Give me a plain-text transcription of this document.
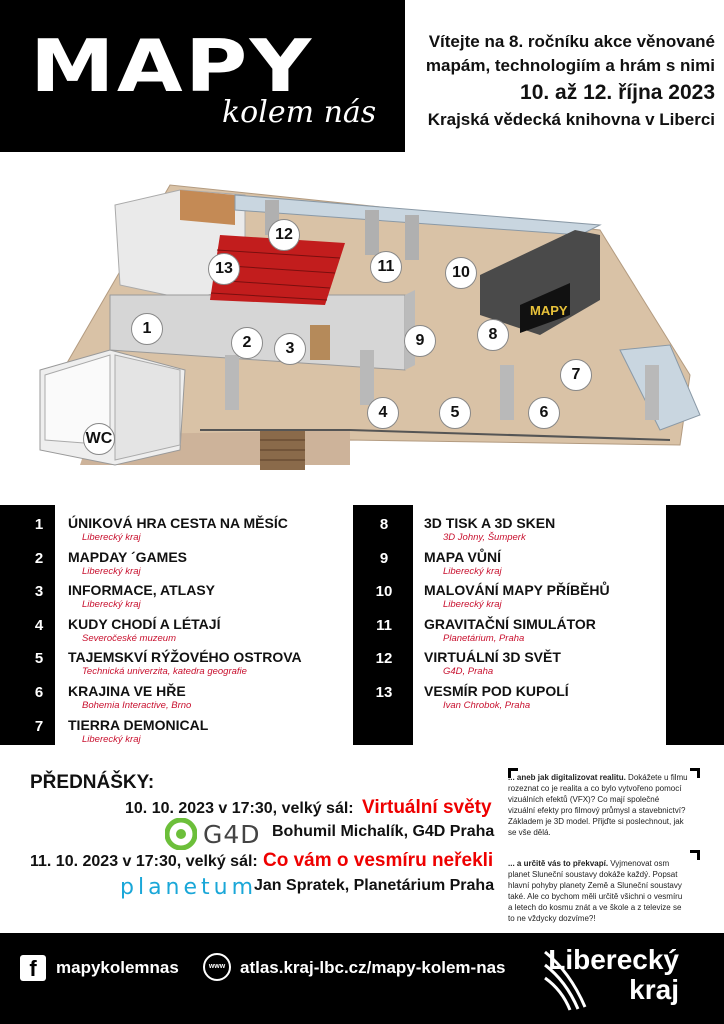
MAPY
kolem nás
Vítejte na 8. ročníku akce věnované
mapám, technologiím a hrám s nimi
10. až 12. října 2023
Krajská vědecká knihovna v Liberci
MAPY
WC
1
2	3
4	5	6
7
8
9
10
11
12
13
1	ÚNIKOVÁ HRA CESTA NA MĚSÍC
Liberecký kraj
2	MAPDAY ´GAMES
Liberecký kraj
3	INFORMACE, ATLASY
Liberecký kraj
4	KUDY CHODÍ A LÉTAJÍ
Severočeské muzeum
5	TAJEMSKVÍ RÝŽOVÉHO OSTROVA
Technická univerzita, katedra geografie
6	KRAJINA VE HŘE
Bohemia Interactive, Brno
7	TIERRA DEMONICAL
Liberecký kraj
8	3D TISK A 3D SKEN
3D Johny, Šumperk
9	MAPA VŮNÍ
Liberecký kraj
10	MALOVÁNÍ MAPY PŘÍBĚHŮ
Liberecký kraj
11	GRAVITAČNÍ SIMULÁTOR
Planetárium, Praha
12	VIRTUÁLNÍ 3D SVĚT
G4D, Praha
13	VESMÍR POD KUPOLÍ
Ivan Chrobok, Praha
PŘEDNÁŠKY:
10. 10. 2023 v 17:30, velký sál: Virtuální světy
G4D Bohumil Michalík, G4D Praha
11. 10. 2023 v 17:30, velký sál: Co vám o vesmíru neřekli
planetum
Jan Spratek, Planetárium Praha
... aneb jak digitalizovat realitu. Dokážete u filmu rozeznat co je realita a co bylo vytvořeno pomocí vizuálních efektů (VFX)? Co mají společné vizuální efekty pro filmový průmysl a stavebnictví? Základem je 3D model. Přijďte si poslechnout, jak se vše dělá.
... a určitě vás to překvapí. Vyjmenovat osm planet Sluneční soustavy dokáže každý. Popsat hlavní pohyby planety Země a Sluneční soustavy také. Ale co bychom měli určitě všichni o vesmíru a letech do kosmu znát a ve škole a z televize se to ne vždycky dozvíme?!
f	mapykolemnas	www atlas.kraj-lbc.cz/mapy-kolem-nas Liberecký
kraj
